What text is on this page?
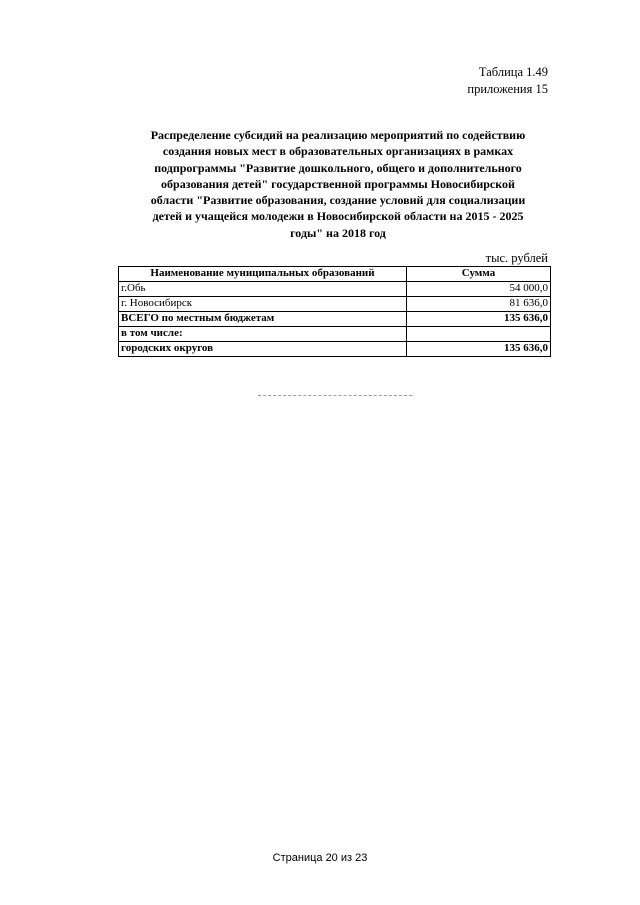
Таблица 1.49
приложения 15
Распределение субсидий на реализацию мероприятий по содействию
создания новых мест в образовательных организациях в рамках
подпрограммы "Развитие дошкольного, общего и дополнительного
образования детей" государственной программы Новосибирской
области "Развитие образования, создание условий для социализации
детей и учащейся молодежи в Новосибирской области на 2015 - 2025
годы" на 2018 год
тыс. рублей
Наименование муниципальных образований	Сумма
г.Обь	54 000,0
г. Новосибирск	81 636,0
ВСЕГО по местным бюджетам	135 636,0
в том числе:	
городских округов	135 636,0
Страница 20 из 23
